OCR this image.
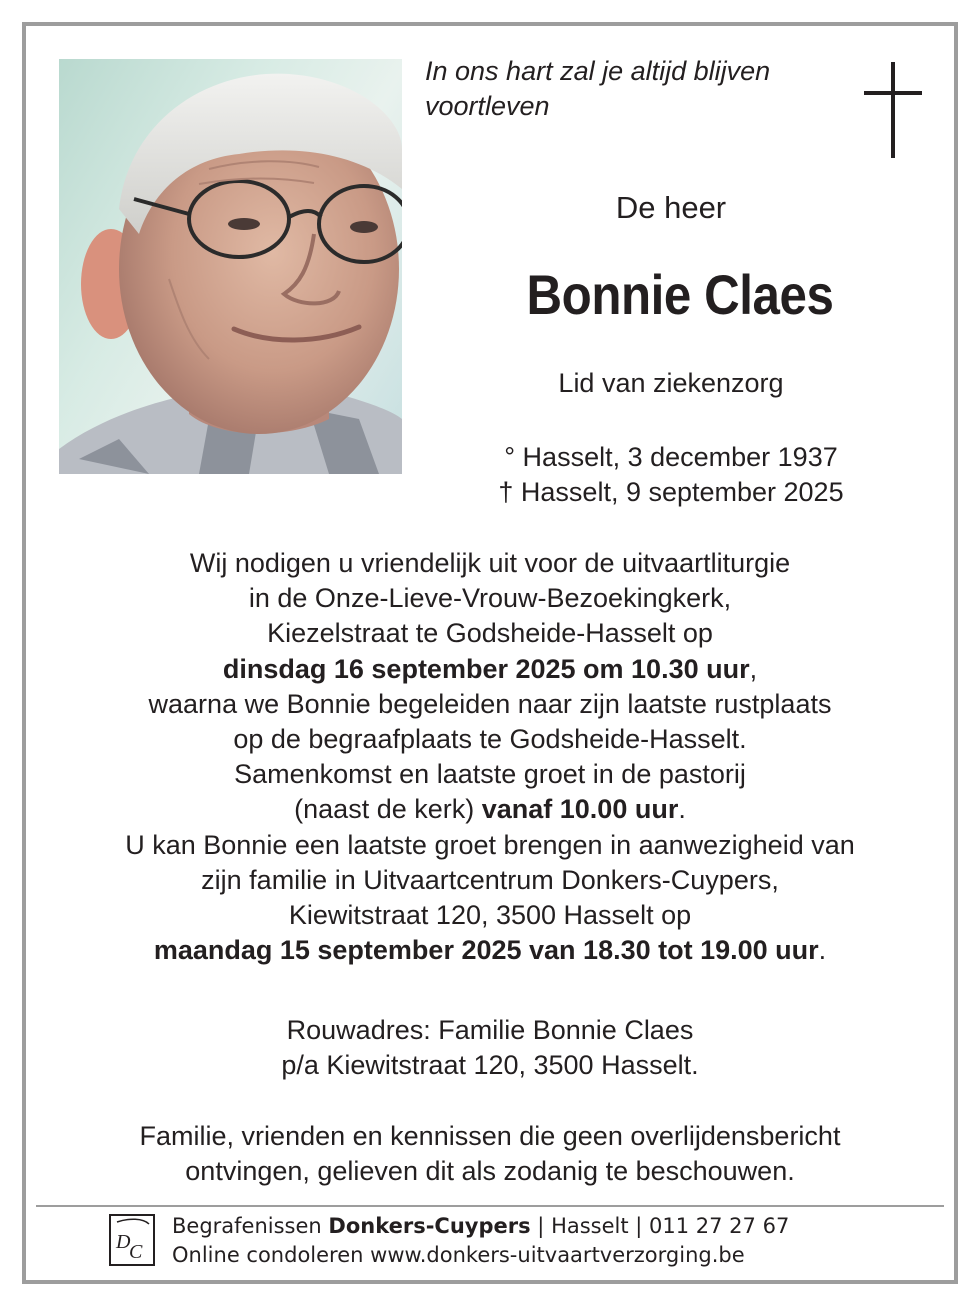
In ons hart zal je altijd blijven
voortleven
De heer
Bonnie Claes
Lid van ziekenzorg
° Hasselt, 3 december 1937
† Hasselt, 9 september 2025
Wij nodigen u vriendelijk uit voor de uitvaartliturgie
in de Onze-Lieve-Vrouw-Bezoekingkerk,
Kiezelstraat te Godsheide-Hasselt op
dinsdag 16 september 2025 om 10.30 uur,
waarna we Bonnie begeleiden naar zijn laatste rustplaats
op de begraafplaats te Godsheide-Hasselt.
Samenkomst en laatste groet in de pastorij
(naast de kerk) vanaf 10.00 uur.
U kan Bonnie een laatste groet brengen in aanwezigheid van
zijn familie in Uitvaartcentrum Donkers-Cuypers,
Kiewitstraat 120, 3500 Hasselt op
maandag 15 september 2025 van 18.30 tot 19.00 uur.
Rouwadres: Familie Bonnie Claes
p/a Kiewitstraat 120, 3500 Hasselt.
Familie, vrienden en kennissen die geen overlijdensbericht
ontvingen, gelieven dit als zodanig te beschouwen.
D
C
Begrafenissen Donkers-Cuypers | Hasselt | 011 27 27 67
Online condoleren www.donkers-uitvaartverzorging.be
